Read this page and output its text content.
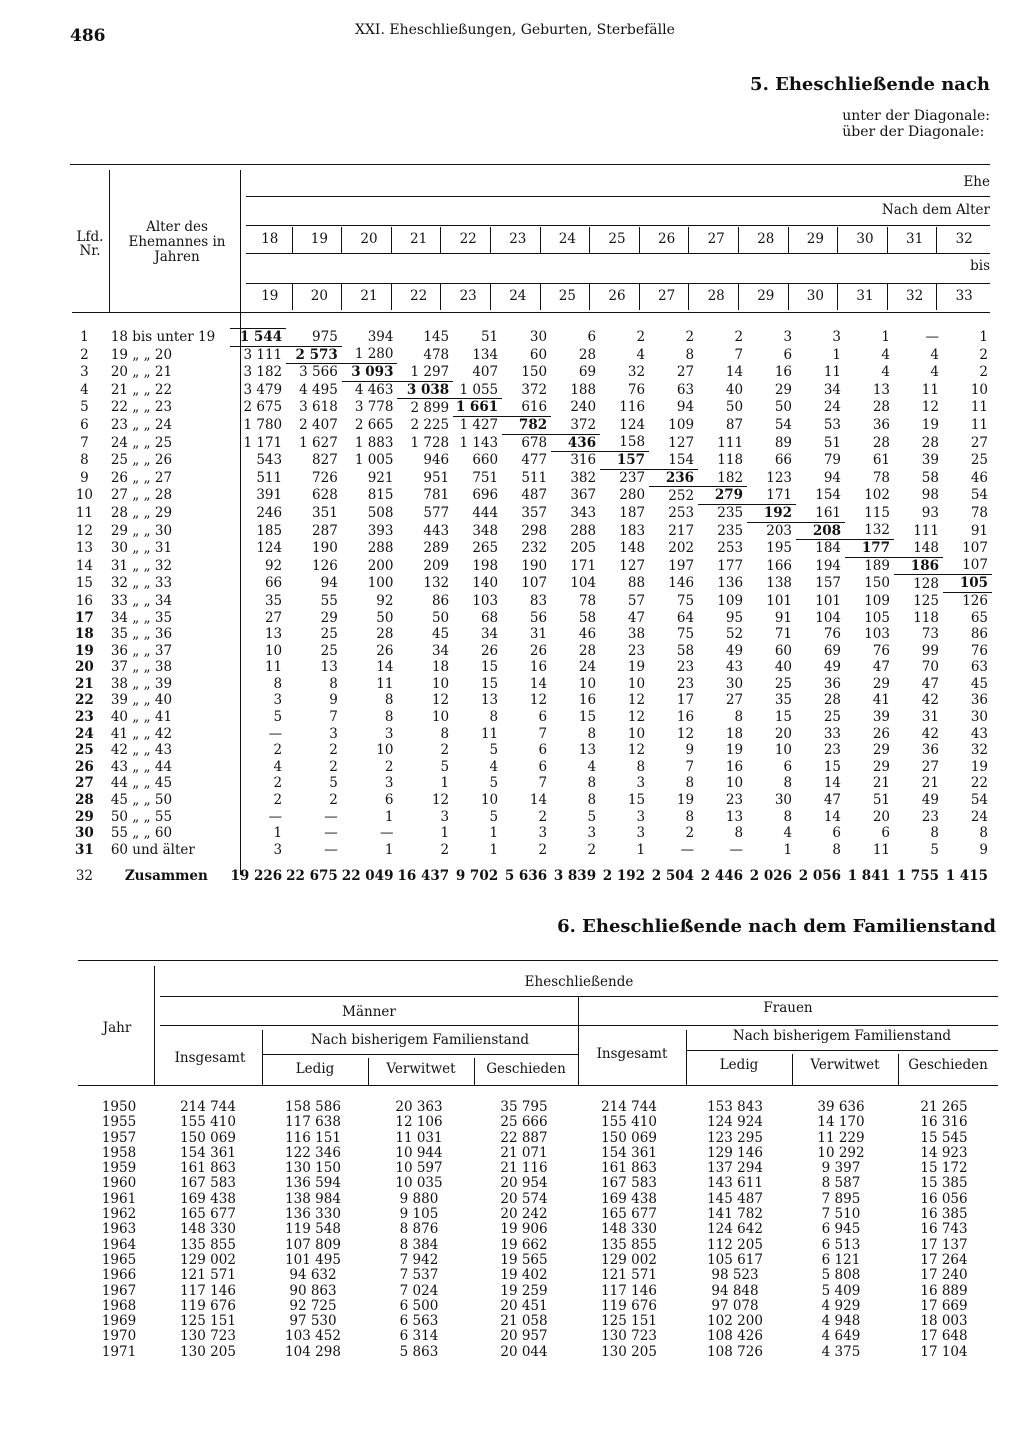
486	XXI. Eheschließungen, Geburten, Sterbefälle
5. Eheschließende nach
unter der Diagonale:
über der Diagonale:
Lfd. Nr.
Alter des Ehemannes in Jahren
Ehe
Nach dem Alter
bis
18	19	20	21	22	23	24	25	26	27	28	29	30	31	32
19	20	21	22	23	24	25	26	27	28	29	30	31	32	33
1	18 bis unter 19	1 544	975	394	145	51	30	6	2	2	2	3	3	1	—	1
2	19 „ „ 20	3 111	2 573	1 280	478	134	60	28	4	8	7	6	1	4	4	2
3	20 „ „ 21	3 182	3 566	3 093	1 297	407	150	69	32	27	14	16	11	4	4	2
4	21 „ „ 22	3 479	4 495	4 463	3 038	1 055	372	188	76	63	40	29	34	13	11	10
5	22 „ „ 23	2 675	3 618	3 778	2 899	1 661	616	240	116	94	50	50	24	28	12	11
6	23 „ „ 24	1 780	2 407	2 665	2 225	1 427	782	372	124	109	87	54	53	36	19	11
7	24 „ „ 25	1 171	1 627	1 883	1 728	1 143	678	436	158	127	111	89	51	28	28	27
8	25 „ „ 26	543	827	1 005	946	660	477	316	157	154	118	66	79	61	39	25
9	26 „ „ 27	511	726	921	951	751	511	382	237	236	182	123	94	78	58	46
10	27 „ „ 28	391	628	815	781	696	487	367	280	252	279	171	154	102	98	54
11	28 „ „ 29	246	351	508	577	444	357	343	187	253	235	192	161	115	93	78
12	29 „ „ 30	185	287	393	443	348	298	288	183	217	235	203	208	132	111	91
13	30 „ „ 31	124	190	288	289	265	232	205	148	202	253	195	184	177	148	107
14	31 „ „ 32	92	126	200	209	198	190	171	127	197	177	166	194	189	186	107
15	32 „ „ 33	66	94	100	132	140	107	104	88	146	136	138	157	150	128	105
16	33 „ „ 34	35	55	92	86	103	83	78	57	75	109	101	101	109	125	126
17	34 „ „ 35	27	29	50	50	68	56	58	47	64	95	91	104	105	118	65
18	35 „ „ 36	13	25	28	45	34	31	46	38	75	52	71	76	103	73	86
19	36 „ „ 37	10	25	26	34	26	26	28	23	58	49	60	69	76	99	76
20	37 „ „ 38	11	13	14	18	15	16	24	19	23	43	40	49	47	70	63
21	38 „ „ 39	8	8	11	10	15	14	10	10	23	30	25	36	29	47	45
22	39 „ „ 40	3	9	8	12	13	12	16	12	17	27	35	28	41	42	36
23	40 „ „ 41	5	7	8	10	8	6	15	12	16	8	15	25	39	31	30
24	41 „ „ 42	—	3	3	8	11	7	8	10	12	18	20	33	26	42	43
25	42 „ „ 43	2	2	10	2	5	6	13	12	9	19	10	23	29	36	32
26	43 „ „ 44	4	2	2	5	4	6	4	8	7	16	6	15	29	27	19
27	44 „ „ 45	2	5	3	1	5	7	8	3	8	10	8	14	21	21	22
28	45 „ „ 50	2	2	6	12	10	14	8	15	19	23	30	47	51	49	54
29	50 „ „ 55	—	—	1	3	5	2	5	3	8	13	8	14	20	23	24
30	55 „ „ 60	1	—	—	1	1	3	3	3	2	8	4	6	6	8	8
31	60 und älter	3	—	1	2	1	2	2	1	—	—	1	8	11	5	9

32	Zusammen	19 226	22 675	22 049	16 437	9 702	5 636	3 839	2 192	2 504	2 446	2 026	2 056	1 841	1 755	1 415
6. Eheschließende nach dem Familienstand
Jahr
Eheschließende
Männer	Frauen
Insgesamt	Insgesamt
Nach bisherigem Familienstand	Nach bisherigem Familienstand
Ledig	Verwitwet	Geschieden	Ledig	Verwitwet	Geschieden
1950	214 744	158 586	20 363	35 795	214 744	153 843	39 636	21 265
1955	155 410	117 638	12 106	25 666	155 410	124 924	14 170	16 316
1957	150 069	116 151	11 031	22 887	150 069	123 295	11 229	15 545
1958	154 361	122 346	10 944	21 071	154 361	129 146	10 292	14 923
1959	161 863	130 150	10 597	21 116	161 863	137 294	9 397	15 172
1960	167 583	136 594	10 035	20 954	167 583	143 611	8 587	15 385
1961	169 438	138 984	9 880	20 574	169 438	145 487	7 895	16 056
1962	165 677	136 330	9 105	20 242	165 677	141 782	7 510	16 385
1963	148 330	119 548	8 876	19 906	148 330	124 642	6 945	16 743
1964	135 855	107 809	8 384	19 662	135 855	112 205	6 513	17 137
1965	129 002	101 495	7 942	19 565	129 002	105 617	6 121	17 264
1966	121 571	94 632	7 537	19 402	121 571	98 523	5 808	17 240
1967	117 146	90 863	7 024	19 259	117 146	94 848	5 409	16 889
1968	119 676	92 725	6 500	20 451	119 676	97 078	4 929	17 669
1969	125 151	97 530	6 563	21 058	125 151	102 200	4 948	18 003
1970	130 723	103 452	6 314	20 957	130 723	108 426	4 649	17 648
1971	130 205	104 298	5 863	20 044	130 205	108 726	4 375	17 104
